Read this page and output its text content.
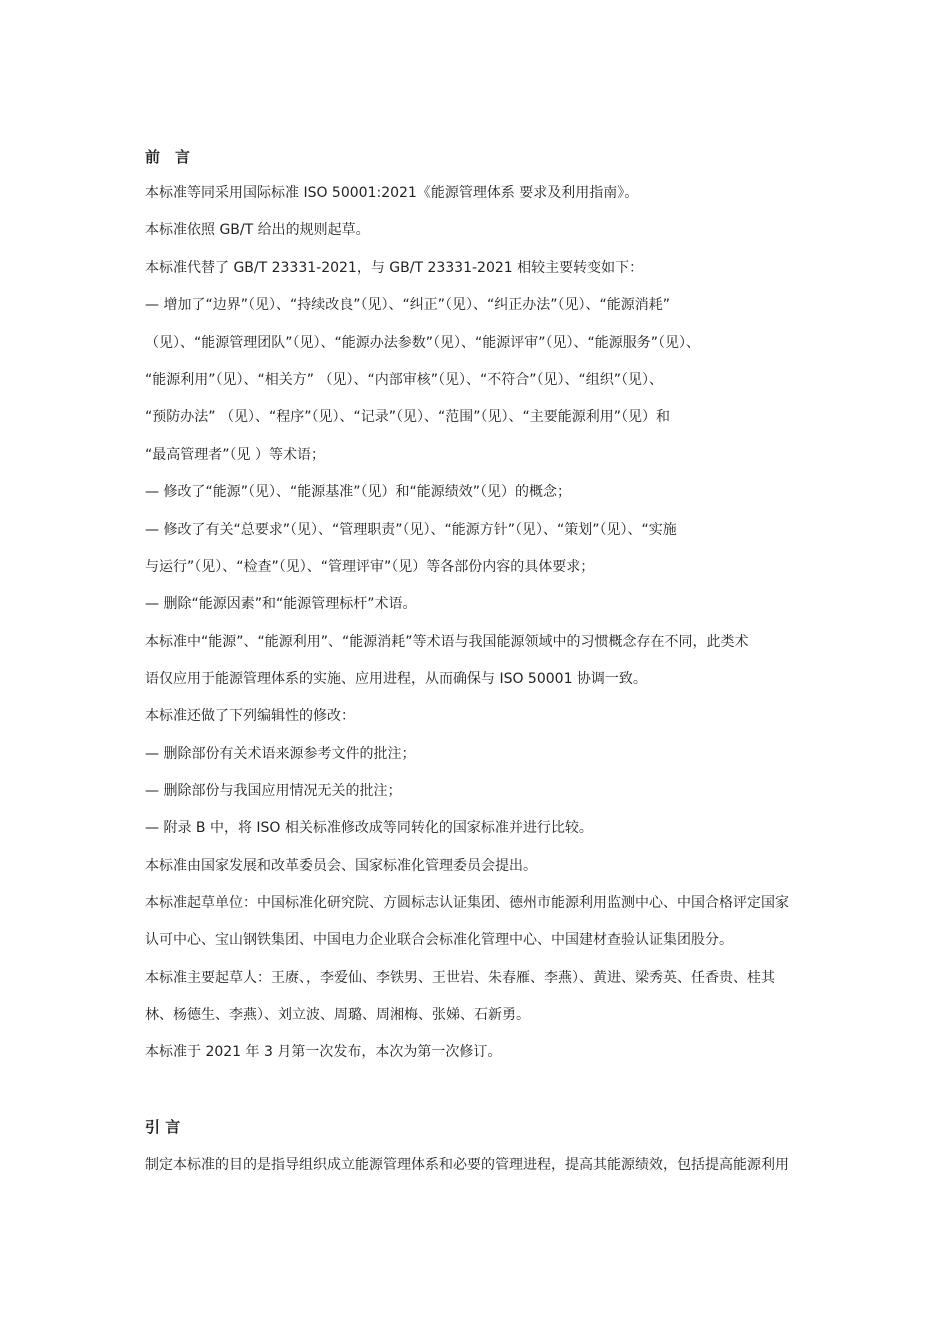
前　言
本标准等同采用国际标准 ISO 50001:2021《能源管理体系 要求及利用指南》。
本标准依照 GB/T 给出的规则起草。
本标准代替了 GB/T 23331-2021，与 GB/T 23331-2021 相较主要转变如下：
— 增加了“边界”（见）、“持续改良”（见）、“纠正”（见）、“纠正办法”（见）、“能源消耗”
（见）、“能源管理团队”（见）、“能源办法参数”（见）、“能源评审”（见）、“能源服务”（见）、
“能源利用”（见）、“相关方” （见）、“内部审核”（见）、“不符合”（见）、“组织”（见）、
“预防办法” （见）、“程序”（见）、“记录”（见）、“范围”（见）、“主要能源利用”（见）和
“最高管理者”（见 ）等术语；
— 修改了“能源”（见）、“能源基准”（见）和“能源绩效”（见）的概念；
— 修改了有关“总要求”（见）、“管理职责”（见）、“能源方针”（见）、“策划”（见）、“实施
与运行”（见）、“检查”（见）、“管理评审”（见）等各部份内容的具体要求；
— 删除“能源因素”和“能源管理标杆”术语。
本标准中“能源”、“能源利用”、“能源消耗”等术语与我国能源领域中的习惯概念存在不同，此类术
语仅应用于能源管理体系的实施、应用进程，从而确保与 ISO 50001 协调一致。
本标准还做了下列编辑性的修改：
— 删除部份有关术语来源参考文件的批注；
— 删除部份与我国应用情况无关的批注；
— 附录 B 中，将 ISO 相关标准修改成等同转化的国家标准并进行比较。
本标准由国家发展和改革委员会、国家标准化管理委员会提出。
本标准起草单位：中国标准化研究院、方圆标志认证集团、德州市能源利用监测中心、中国合格评定国家
认可中心、宝山钢铁集团、中国电力企业联合会标准化管理中心、中国建材查验认证集团股分。
本标准主要起草人：王赓、，李爱仙、李铁男、王世岩、朱春雁、李燕）、黄进、梁秀英、任香贵、桂其
林、杨德生、李燕）、刘立波、周璐、周湘梅、张娣、石新勇。
本标准于 2021 年 3 月第一次发布，本次为第一次修订。
引 言
制定本标准的目的是指导组织成立能源管理体系和必要的管理进程，提高其能源绩效，包括提高能源利用
